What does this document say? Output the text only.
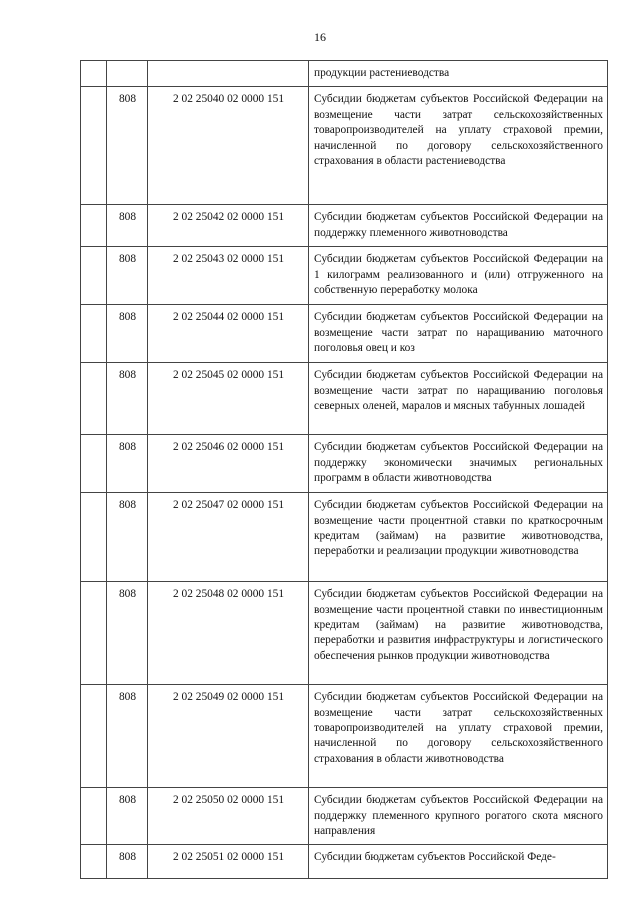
16

			продукции растениеводства

	808	2 02 25040 02 0000 151	Субсидии бюджетам субъектов Российской Федерации на возмещение части затрат сельскохозяйственных товаропроизводителей на уплату страховой премии, начисленной по договору сельскохозяйственного страхования в области растениеводства

	808	2 02 25042 02 0000 151	Субсидии бюджетам субъектов Российской Федерации на поддержку племенного животноводства

	808	2 02 25043 02 0000 151	Субсидии бюджетам субъектов Российской Федерации на 1 килограмм реализованного и (или) отгруженного на собственную переработку молока

	808	2 02 25044 02 0000 151	Субсидии бюджетам субъектов Российской Федерации на возмещение части затрат по наращиванию маточного поголовья овец и коз

	808	2 02 25045 02 0000 151	Субсидии бюджетам субъектов Российской Федерации на возмещение части затрат по наращиванию поголовья северных оленей, маралов и мясных табунных лошадей

	808	2 02 25046 02 0000 151	Субсидии бюджетам субъектов Российской Федерации на поддержку экономически значимых региональных программ в области животноводства

	808	2 02 25047 02 0000 151	Субсидии бюджетам субъектов Российской Федерации на возмещение части процентной ставки по краткосрочным кредитам (займам) на развитие животноводства, переработки и реализации продукции животноводства

	808	2 02 25048 02 0000 151	Субсидии бюджетам субъектов Российской Федерации на возмещение части процентной ставки по инвестиционным кредитам (займам) на развитие животноводства, переработки и развития инфраструктуры и логистического обеспечения рынков продукции животноводства

	808	2 02 25049 02 0000 151	Субсидии бюджетам субъектов Российской Федерации на возмещение части затрат сельскохозяйственных товаропроизводителей на уплату страховой премии, начисленной по договору сельскохозяйственного страхования в области животноводства

	808	2 02 25050 02 0000 151	Субсидии бюджетам субъектов Российской Федерации на поддержку племенного крупного рогатого скота мясного направления

	808	2 02 25051 02 0000 151	Субсидии бюджетам субъектов Российской Феде-
